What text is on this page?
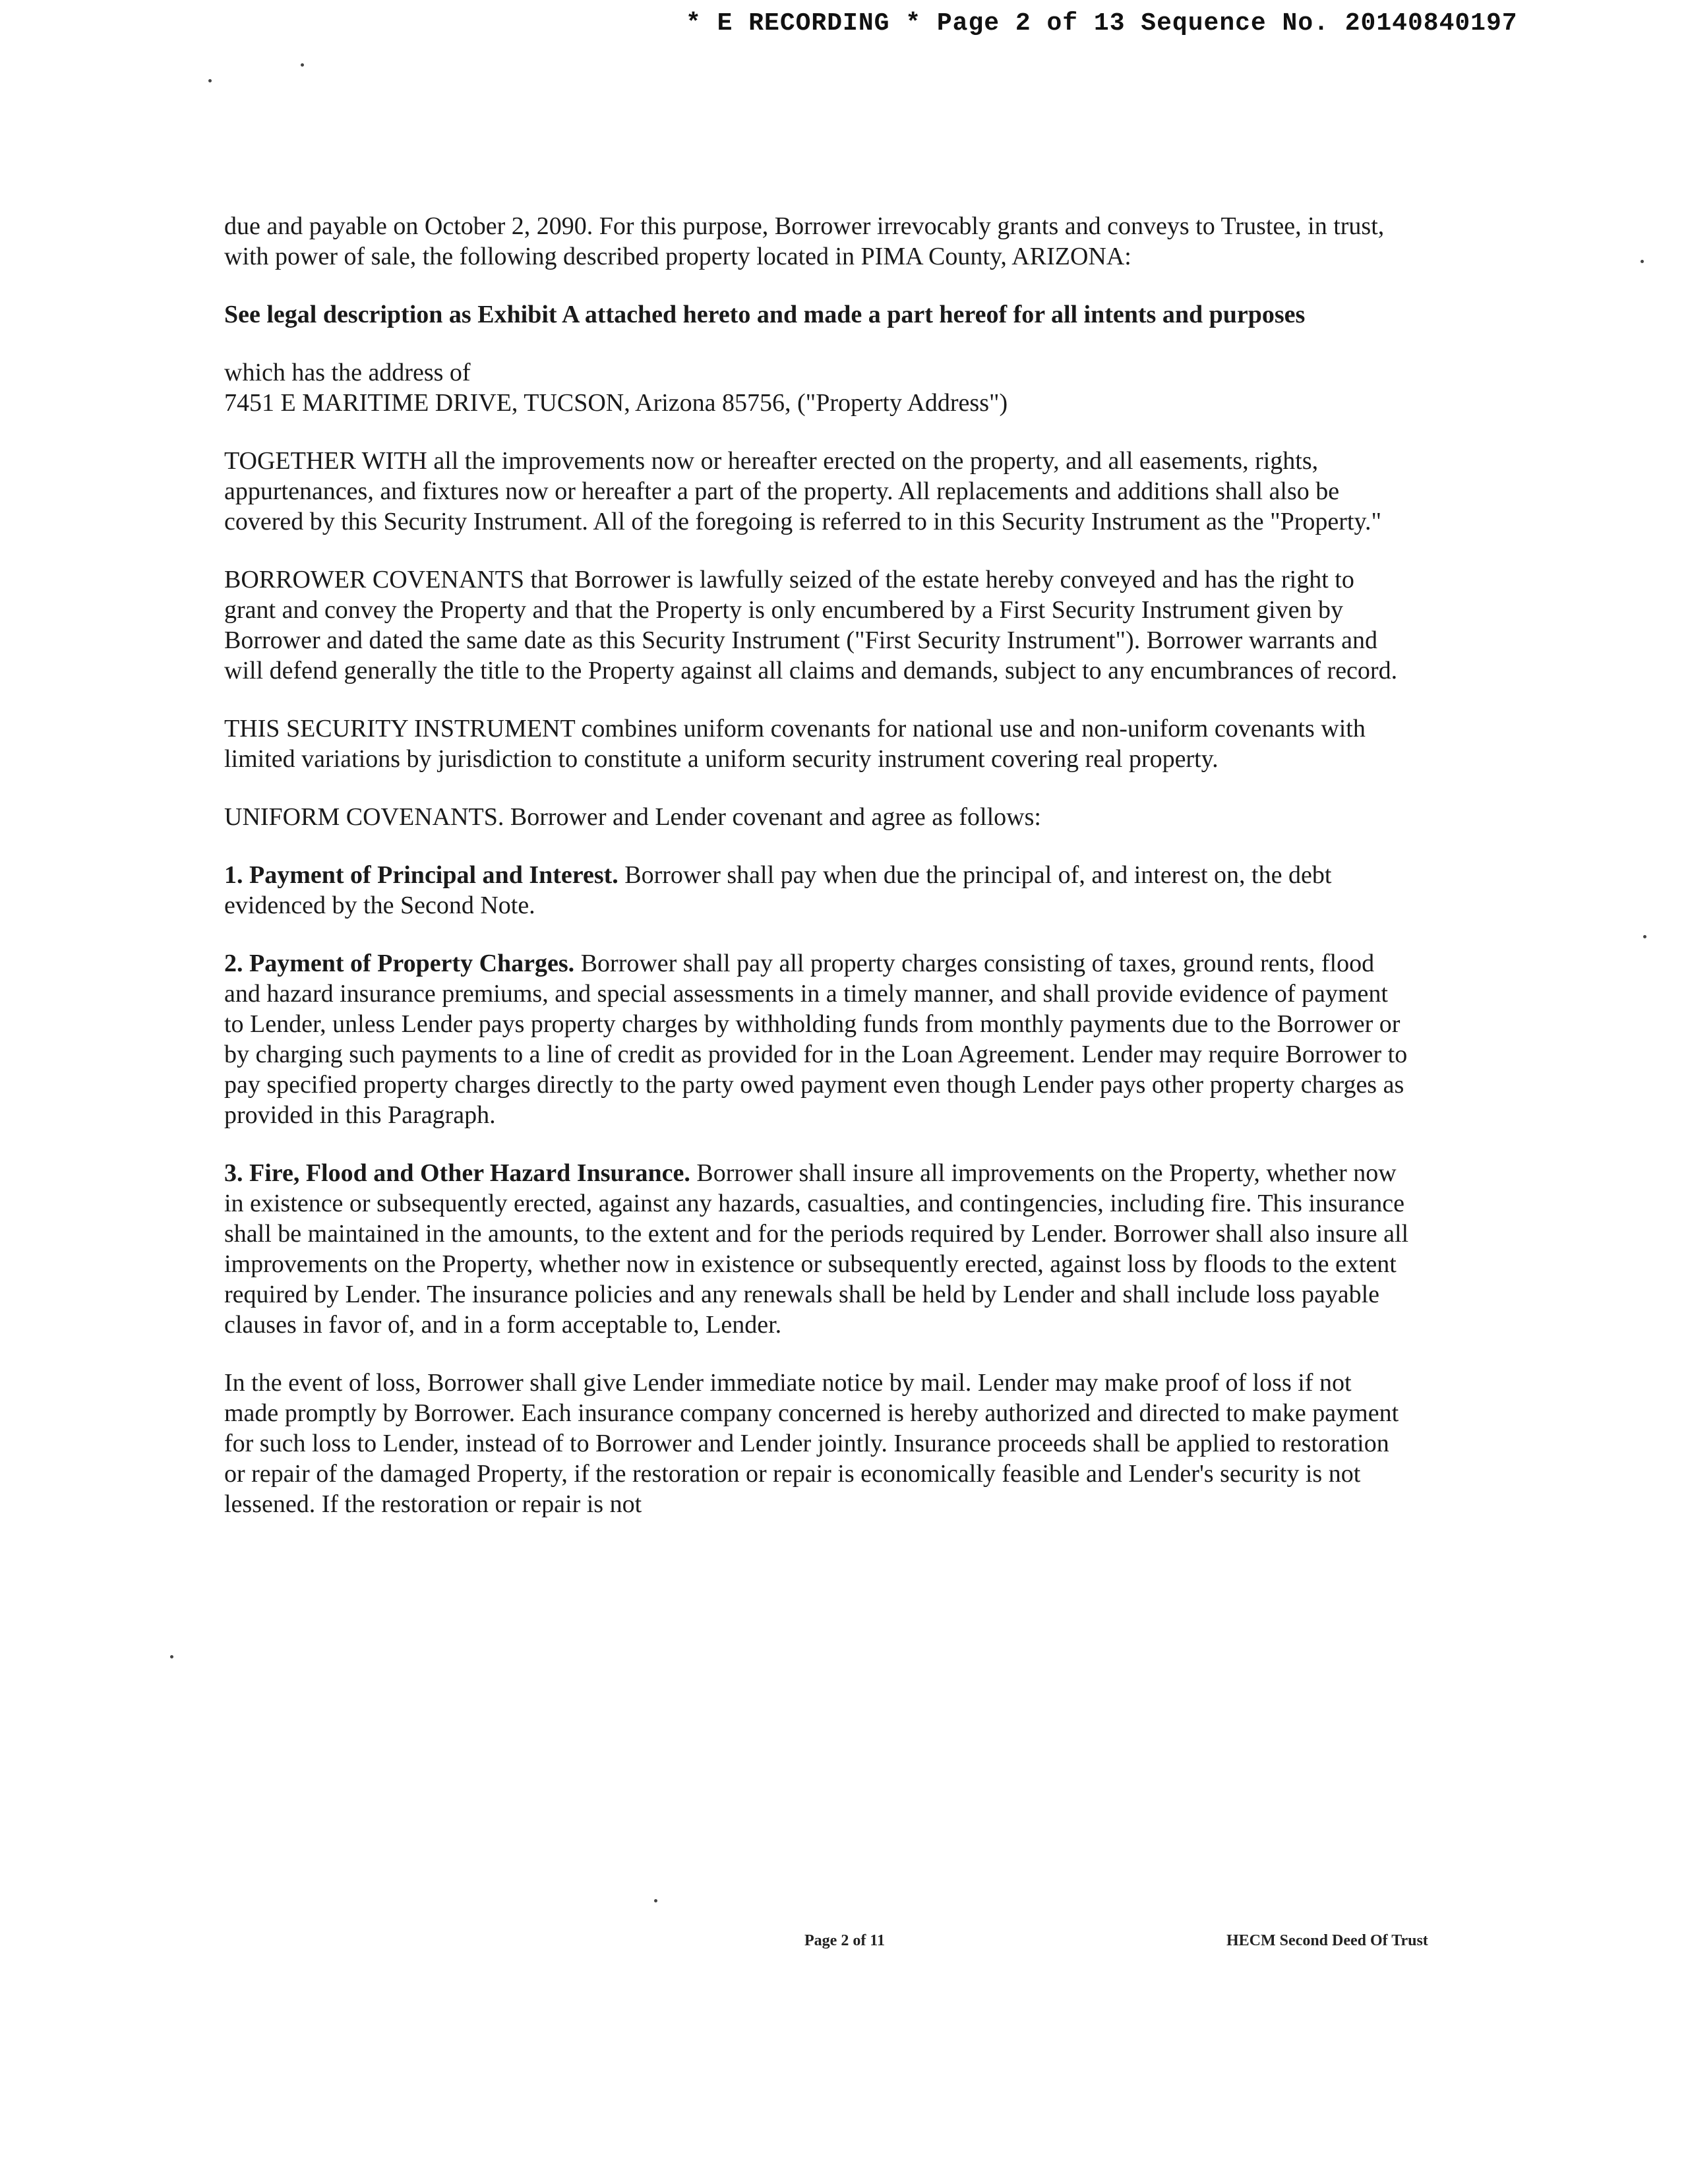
* E RECORDING * Page 2 of 13 Sequence No. 20140840197

due and payable on October 2, 2090. For this purpose, Borrower irrevocably grants and conveys to Trustee, in trust, with power of sale, the following described property located in PIMA County, ARIZONA:

See legal description as Exhibit A attached hereto and made a part hereof for all intents and purposes

which has the address of
7451 E MARITIME DRIVE, TUCSON, Arizona 85756, ("Property Address")

TOGETHER WITH all the improvements now or hereafter erected on the property, and all easements, rights, appurtenances, and fixtures now or hereafter a part of the property. All replacements and additions shall also be covered by this Security Instrument. All of the foregoing is referred to in this Security Instrument as the "Property."

BORROWER COVENANTS that Borrower is lawfully seized of the estate hereby conveyed and has the right to grant and convey the Property and that the Property is only encumbered by a First Security Instrument given by Borrower and dated the same date as this Security Instrument ("First Security Instrument"). Borrower warrants and will defend generally the title to the Property against all claims and demands, subject to any encumbrances of record.

THIS SECURITY INSTRUMENT combines uniform covenants for national use and non-uniform covenants with limited variations by jurisdiction to constitute a uniform security instrument covering real property.

UNIFORM COVENANTS. Borrower and Lender covenant and agree as follows:

1. Payment of Principal and Interest. Borrower shall pay when due the principal of, and interest on, the debt evidenced by the Second Note.

2. Payment of Property Charges. Borrower shall pay all property charges consisting of taxes, ground rents, flood and hazard insurance premiums, and special assessments in a timely manner, and shall provide evidence of payment to Lender, unless Lender pays property charges by withholding funds from monthly payments due to the Borrower or by charging such payments to a line of credit as provided for in the Loan Agreement. Lender may require Borrower to pay specified property charges directly to the party owed payment even though Lender pays other property charges as provided in this Paragraph.

3. Fire, Flood and Other Hazard Insurance. Borrower shall insure all improvements on the Property, whether now in existence or subsequently erected, against any hazards, casualties, and contingencies, including fire. This insurance shall be maintained in the amounts, to the extent and for the periods required by Lender. Borrower shall also insure all improvements on the Property, whether now in existence or subsequently erected, against loss by floods to the extent required by Lender. The insurance policies and any renewals shall be held by Lender and shall include loss payable clauses in favor of, and in a form acceptable to, Lender.

In the event of loss, Borrower shall give Lender immediate notice by mail. Lender may make proof of loss if not made promptly by Borrower. Each insurance company concerned is hereby authorized and directed to make payment for such loss to Lender, instead of to Borrower and Lender jointly. Insurance proceeds shall be applied to restoration or repair of the damaged Property, if the restoration or repair is economically feasible and Lender's security is not lessened. If the restoration or repair is not

Page 2 of 11	HECM Second Deed Of Trust
